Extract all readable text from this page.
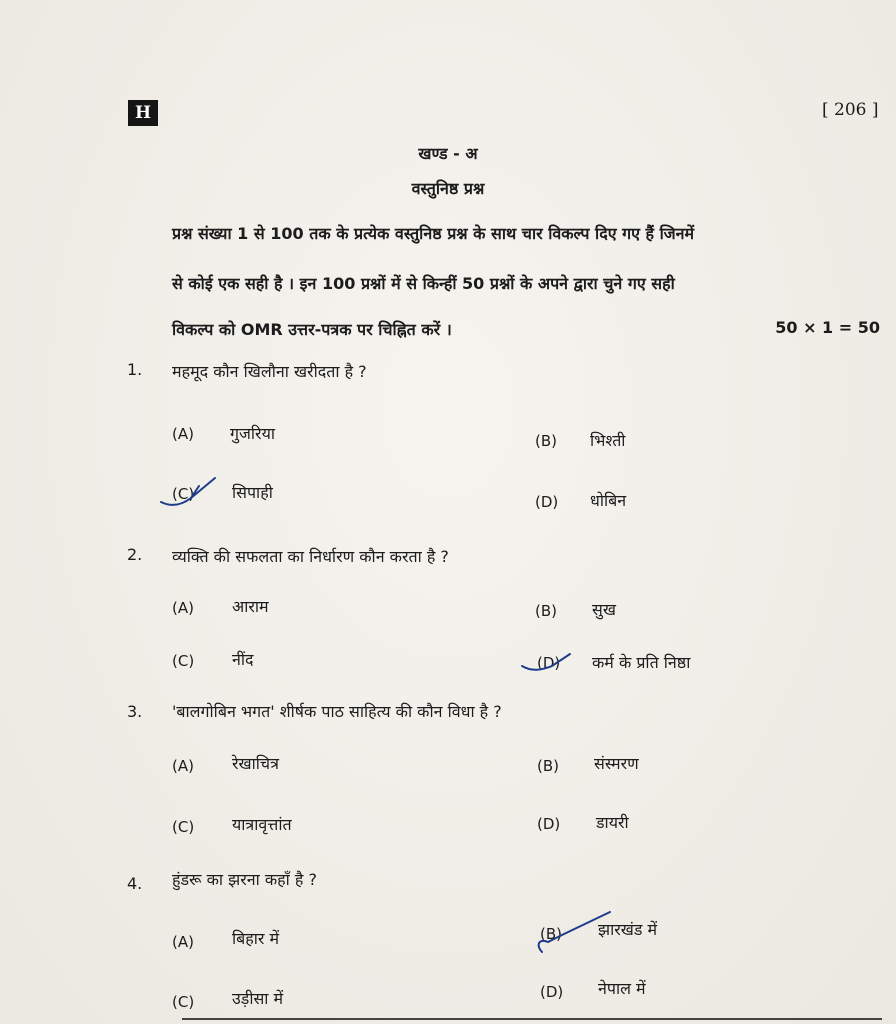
H	[ 206 ]
खण्ड - अ
वस्तुनिष्ठ प्रश्न
प्रश्न संख्या 1 से 100 तक के प्रत्येक वस्तुनिष्ठ प्रश्न के साथ चार विकल्प दिए गए हैं जिनमें
से कोई एक सही है । इन 100 प्रश्नों में से किन्हीं 50 प्रश्नों के अपने द्वारा चुने गए सही
विकल्प को OMR उत्तर-पत्रक पर चिह्नित करें ।	50 × 1 = 50
1. महमूद कौन खिलौना खरीदता है ?
(A) गुजरिया	(B) भिश्ती
(C) सिपाही	(D) धोबिन
2. व्यक्ति की सफलता का निर्धारण कौन करता है ?
(A) आराम	(B) सुख
(C) नींद	(D) कर्म के प्रति निष्ठा
3. 'बालगोबिन भगत' शीर्षक पाठ साहित्य की कौन विधा है ?
(A) रेखाचित्र	(B) संस्मरण
(C) यात्रावृत्तांत	(D) डायरी
4. हुंडरू का झरना कहाँ है ?
(A) बिहार में	(B) झारखंड में
(C) उड़ीसा में	(D) नेपाल में
